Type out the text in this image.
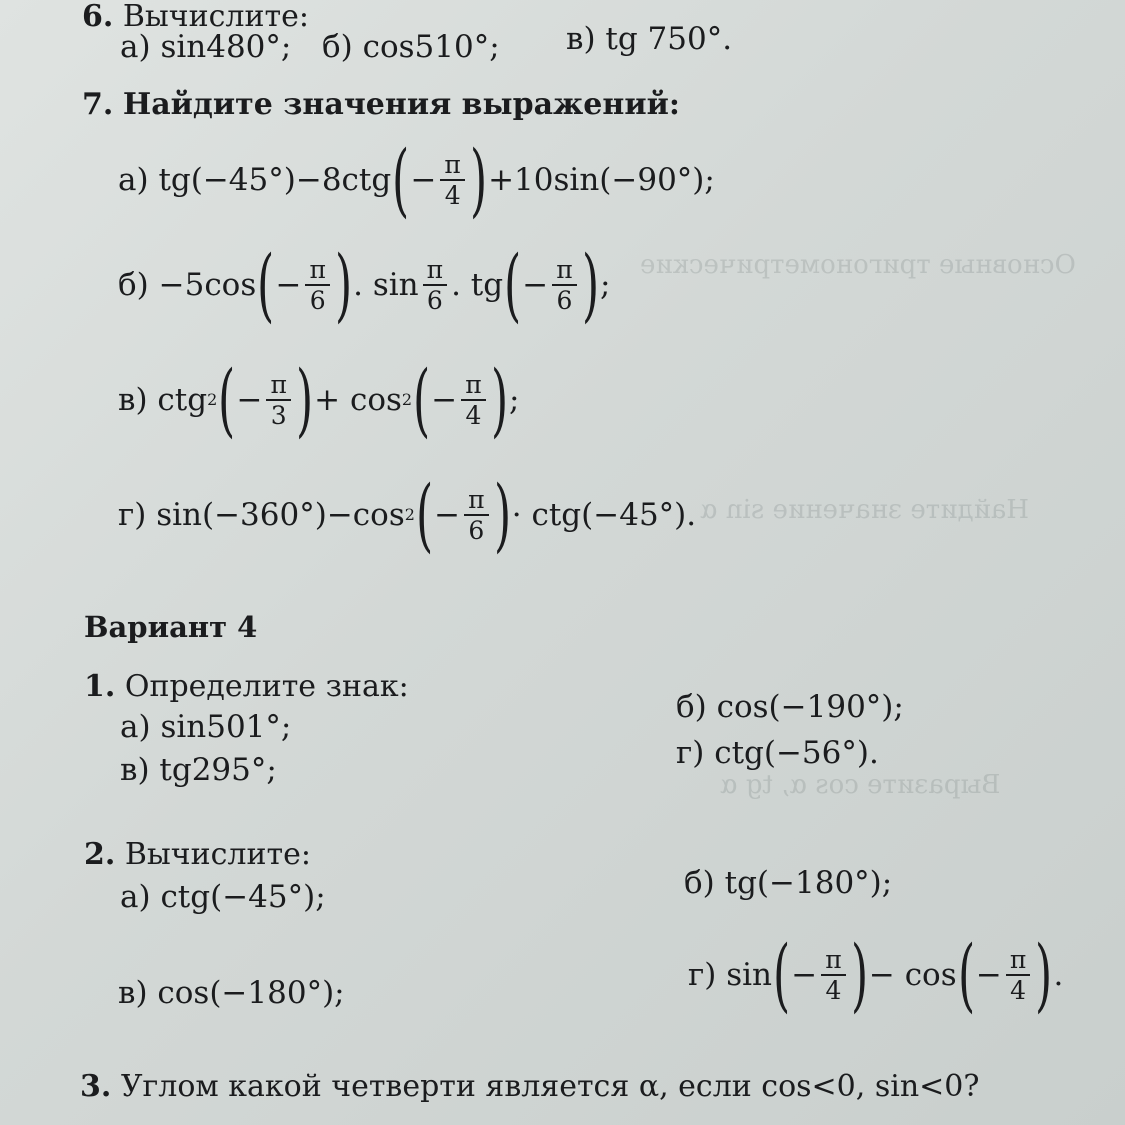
Основные тригонометрические
Найдите значение sin α
Выразите cos α, tg α
6. Вычислите:
а) sin480°; б) cos510°; в) tg 750°.
7. Найдите значения выражений:
а)
tg(−45°)−8ctg ( − $\frac{\pi}{4}$ ) +10sin(−90°);
б)
−5cos ( − $\frac{\pi}{6}$ ) . $\sin \frac{\pi}{6}$ . tg ( − $\frac{\pi}{6}$ ) ;
в)
ctg 2 ( − $\frac{\pi}{3}$ ) + cos 2 ( − $\frac{\pi}{4}$ ) ;
г)
sin(−360°)−cos 2 ( − $\frac{\pi}{6}$ ) · ctg(−45°).
Вариант 4
1. Определите знак:
а) sin501°;
б) cos(−190°);
в) tg295°;	г) ctg(−56°).
2. Вычислите:
а) ctg(−45°);	б) tg(−180°);
в) cos(−180°);
г)
sin ( − $\frac{\pi}{4}$ ) − cos ( − $\frac{\pi}{4}$ ) .
3. Углом какой четверти является α, если cos<0, sin<0?
